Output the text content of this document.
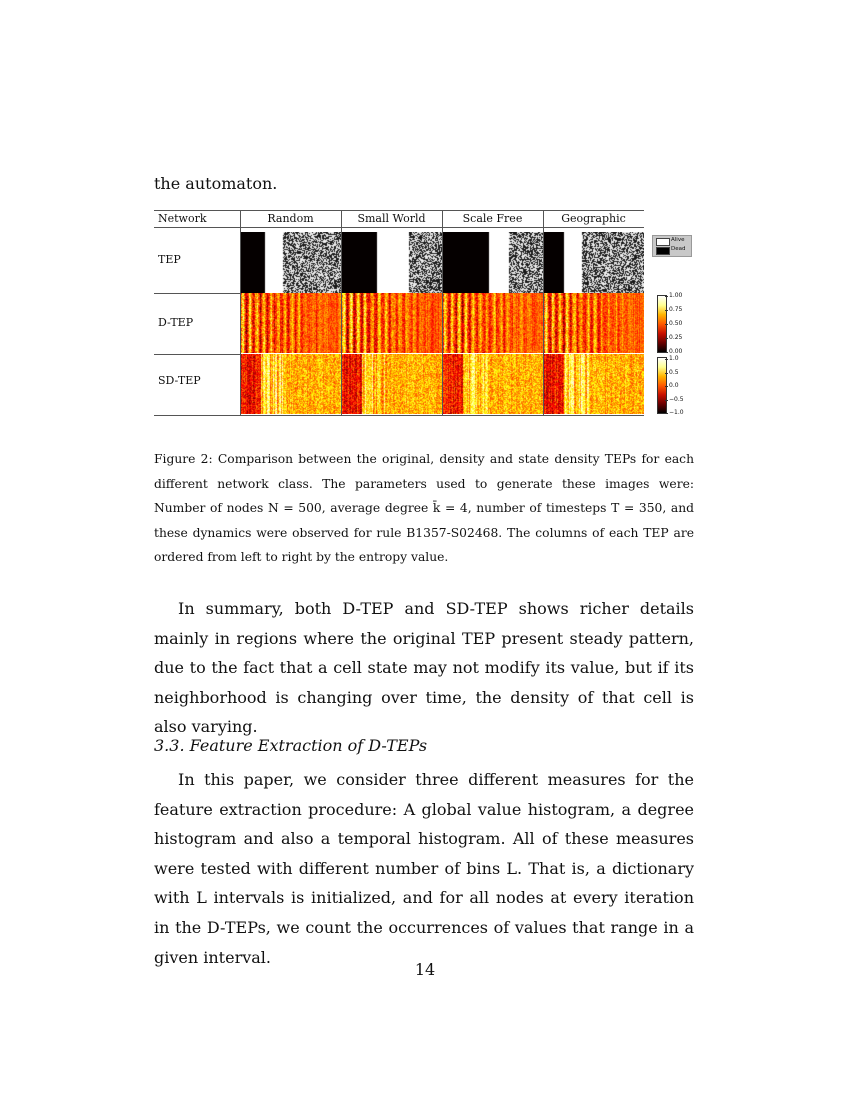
the automaton.
Network	Random	Small World	Scale Free	Geographic
TEP
D-TEP
SD-TEP
Alive
Dead
1.00
0.75
0.50
0.25
0.00
1.0
0.5
0.0
−0.5
−1.0
Figure 2: Comparison between the original, density and state density TEPs for each different network class. The parameters used to generate these images were: Number of nodes N = 500, average degree k̄ = 4, number of timesteps T = 350, and these dynamics were observed for rule B1357-S02468. The columns of each TEP are ordered from left to right by the entropy value.
In summary, both D-TEP and SD-TEP shows richer details mainly in regions where the original TEP present steady pattern, due to the fact that a cell state may not modify its value, but if its neighborhood is changing over time, the density of that cell is also varying.
3.3. Feature Extraction of D-TEPs
In this paper, we consider three different measures for the feature extraction procedure: A global value histogram, a degree histogram and also a temporal histogram. All of these measures were tested with different number of bins L. That is, a dictionary with L intervals is initialized, and for all nodes at every iteration in the D-TEPs, we count the occurrences of values that range in a given interval.
14
